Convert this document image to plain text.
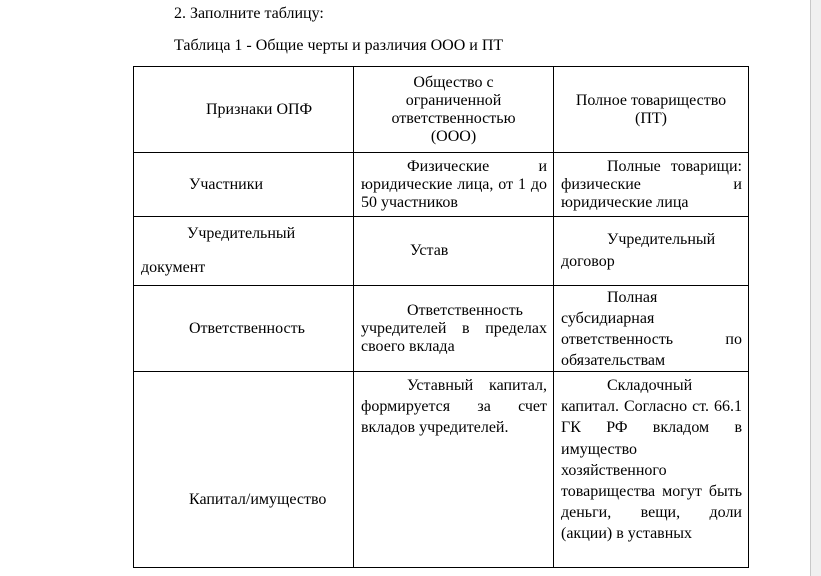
2. Заполните таблицу:
Таблица 1 - Общие черты и различия ООО и ПТ
Признаки ОПФ	Общество с ограниченной ответственностью (ООО)	Полное товарищество (ПТ)

Участники	Физические и юридические лица, от 1 до 50 участников	Полные товарищи: физические и юридические лица

Учредительный документ	Устав	Учредительный договор

Ответственность	Ответственность учредителей в пределах своего вклада	Полная субсидиарная ответственность по обязательствам

Капитал/имущество	Уставный капитал, формируется за счет вкладов учредителей.	Складочный капитал. Согласно ст. 66.1 ГК РФ вкладом в имущество хозяйственного товарищества могут быть деньги, вещи, доли (акции) в уставных
